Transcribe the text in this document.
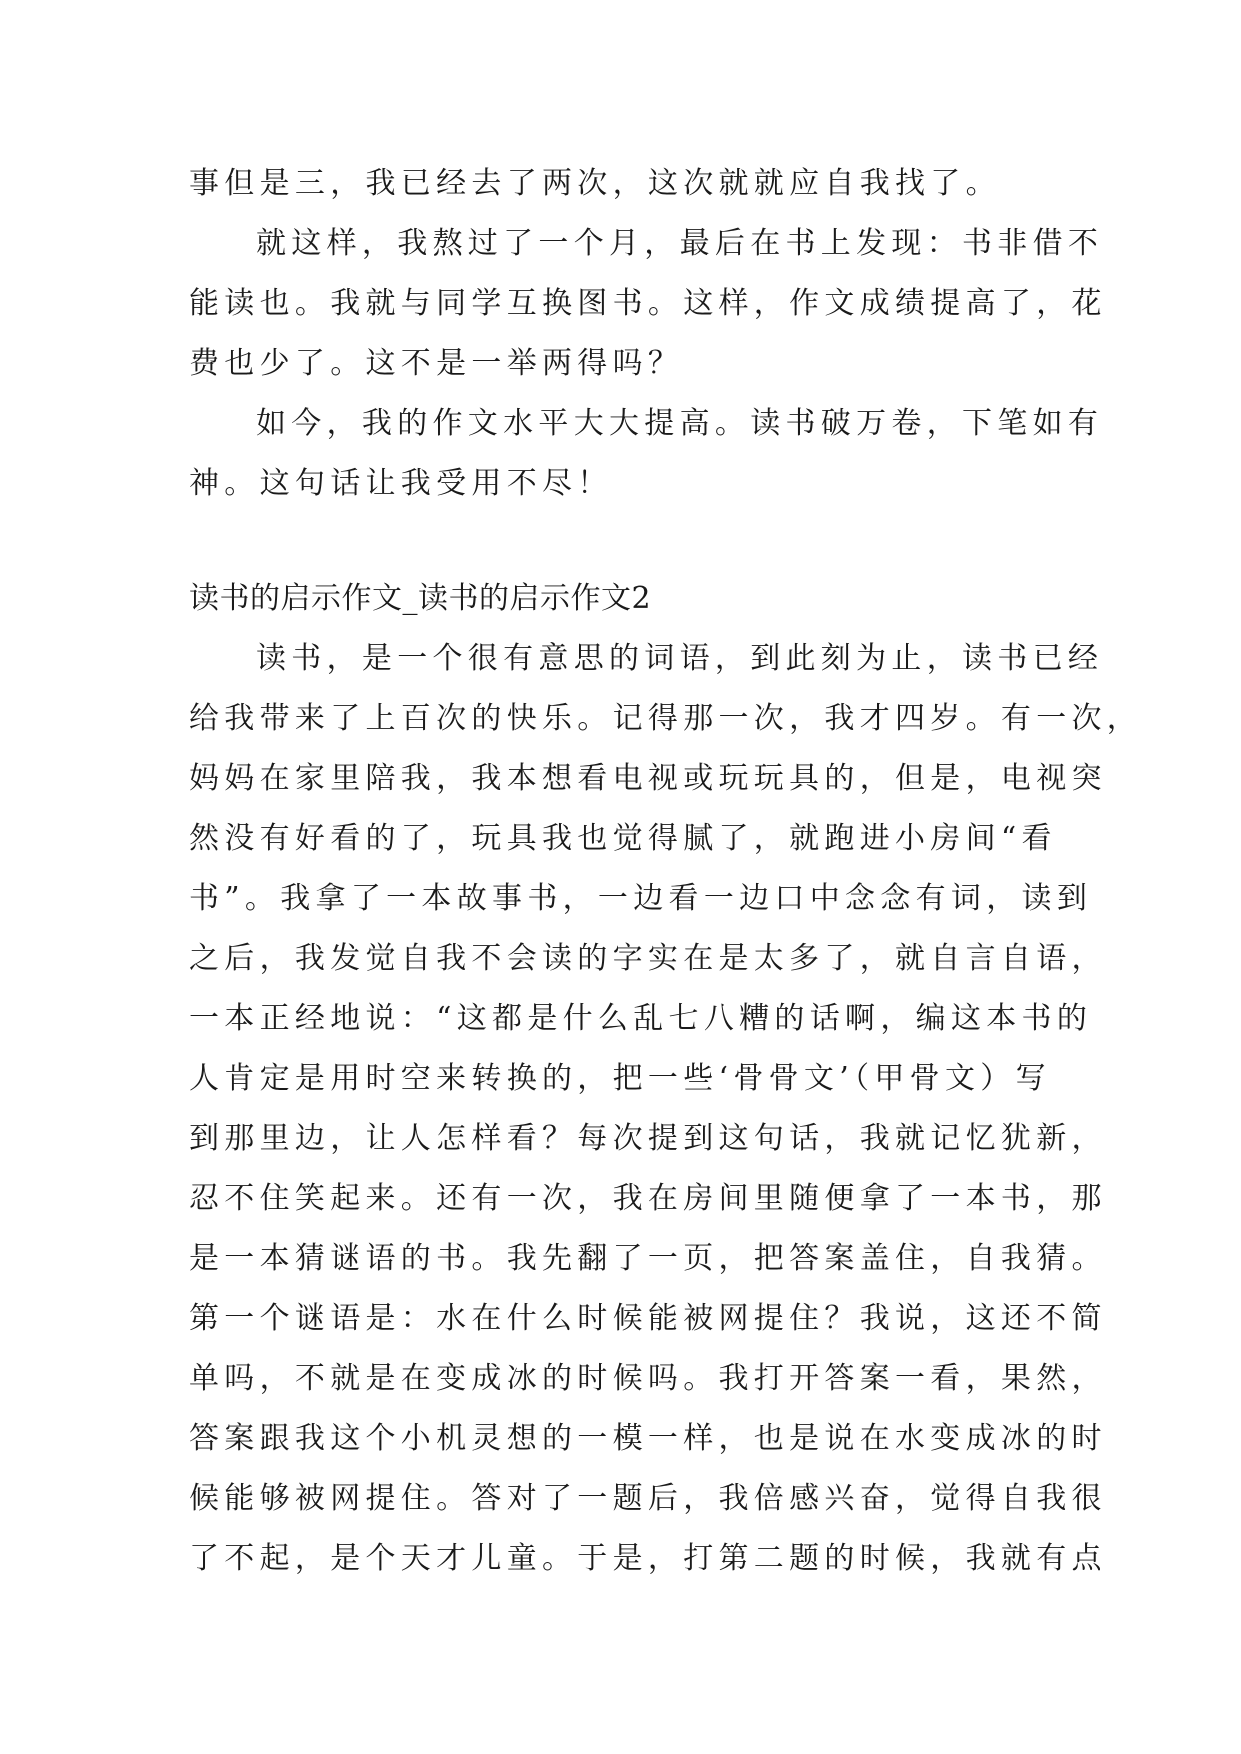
事但是三，我已经去了两次，这次就就应自我找了。
就这样，我熬过了一个月，最后在书上发现：书非借不
能读也。我就与同学互换图书。这样，作文成绩提高了，花
费也少了。这不是一举两得吗？
如今，我的作文水平大大提高。读书破万卷，下笔如有
神。这句话让我受用不尽！
读书的启示作文_读书的启示作文2
读书，是一个很有意思的词语，到此刻为止，读书已经
给我带来了上百次的快乐。记得那一次，我才四岁。有一次，
妈妈在家里陪我，我本想看电视或玩玩具的，但是，电视突
然没有好看的了，玩具我也觉得腻了，就跑进小房间“看
书”。我拿了一本故事书，一边看一边口中念念有词，读到
之后，我发觉自我不会读的字实在是太多了，就自言自语，
一本正经地说：“这都是什么乱七八糟的话啊，编这本书的
人肯定是用时空来转换的，把一些‘骨骨文’（甲骨文）写
到那里边，让人怎样看？每次提到这句话，我就记忆犹新，
忍不住笑起来。还有一次，我在房间里随便拿了一本书，那
是一本猜谜语的书。我先翻了一页，把答案盖住，自我猜。
第一个谜语是：水在什么时候能被网提住？我说，这还不简
单吗，不就是在变成冰的时候吗。我打开答案一看，果然，
答案跟我这个小机灵想的一模一样，也是说在水变成冰的时
候能够被网提住。答对了一题后，我倍感兴奋，觉得自我很
了不起，是个天才儿童。于是，打第二题的时候，我就有点
